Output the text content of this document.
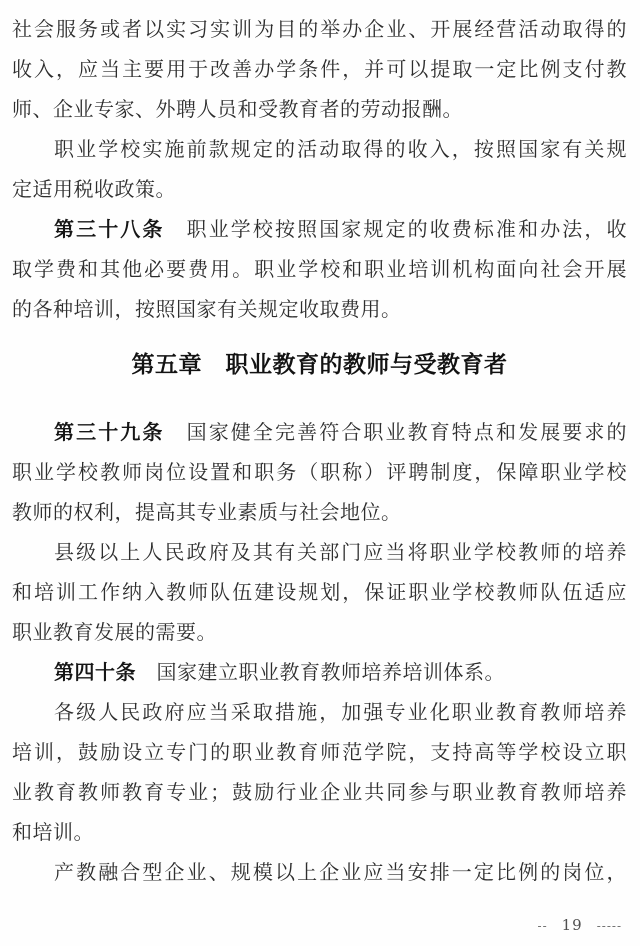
社会服务或者以实习实训为目的举办企业、开展经营活动取得的
收入，应当主要用于改善办学条件，并可以提取一定比例支付教
师、企业专家、外聘人员和受教育者的劳动报酬。
职业学校实施前款规定的活动取得的收入，按照国家有关规
定适用税收政策。
第三十八条　职业学校按照国家规定的收费标准和办法，收
取学费和其他必要费用。职业学校和职业培训机构面向社会开展
的各种培训，按照国家有关规定收取费用。
第五章　职业教育的教师与受教育者
第三十九条　国家健全完善符合职业教育特点和发展要求的
职业学校教师岗位设置和职务（职称）评聘制度，保障职业学校
教师的权利，提高其专业素质与社会地位。
县级以上人民政府及其有关部门应当将职业学校教师的培养
和培训工作纳入教师队伍建设规划，保证职业学校教师队伍适应
职业教育发展的需要。
第四十条　国家建立职业教育教师培养培训体系。
各级人民政府应当采取措施，加强专业化职业教育教师培养
培训，鼓励设立专门的职业教育师范学院，支持高等学校设立职
业教育教师教育专业；鼓励行业企业共同参与职业教育教师培养
和培训。
产教融合型企业、规模以上企业应当安排一定比例的岗位，
-- 19 -----
